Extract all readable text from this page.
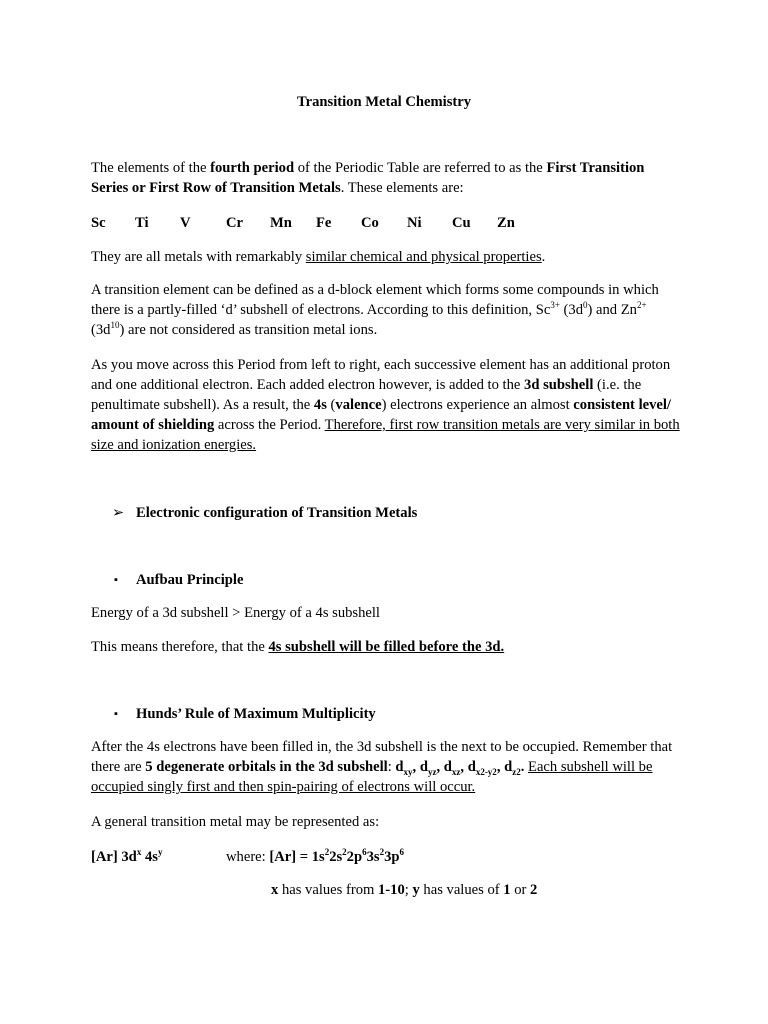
Transition Metal Chemistry

The elements of the fourth period of the Periodic Table are referred to as the First Transition Series or First Row of Transition Metals. These elements are:

Sc Ti V Cr Mn Fe Co Ni Cu Zn

They are all metals with remarkably similar chemical and physical properties.

A transition element can be defined as a d-block element which forms some compounds in which there is a partly-filled ‘d’ subshell of electrons. According to this definition, $Sc^{3+}$ $(3d^0)$ and $Zn^{2+}$ $(3d^{10})$ are not considered as transition metal ions.

As you move across this Period from left to right, each successive element has an additional proton and one additional electron. Each added electron however, is added to the 3d subshell (i.e. the penultimate subshell). As a result, the 4s (valence) electrons experience an almost consistent level/ amount of shielding across the Period. Therefore, first row transition metals are very similar in both size and ionization energies.

➢ Electronic configuration of Transition Metals
▪ Aufbau Principle

Energy of a 3d subshell > Energy of a 4s subshell

This means therefore, that the 4s subshell will be filled before the 3d.

▪ Hunds’ Rule of Maximum Multiplicity

After the 4s electrons have been filled in, the 3d subshell is the next to be occupied. Remember that there are 5 degenerate orbitals in the 3d subshell: $d_{xy}$, $d_{yz}$, $d_{xz}$, $d_{x2-y2}$, $d_{z2}$. Each subshell will be occupied singly first and then spin-pairing of electrons will occur.

A general transition metal may be represented as:

[Ar] $3d^x$ $4s^y$	where: $[Ar] = 1s^22s^22p^63s^23p^6$
x has values from 1-10; y has values of 1 or 2
